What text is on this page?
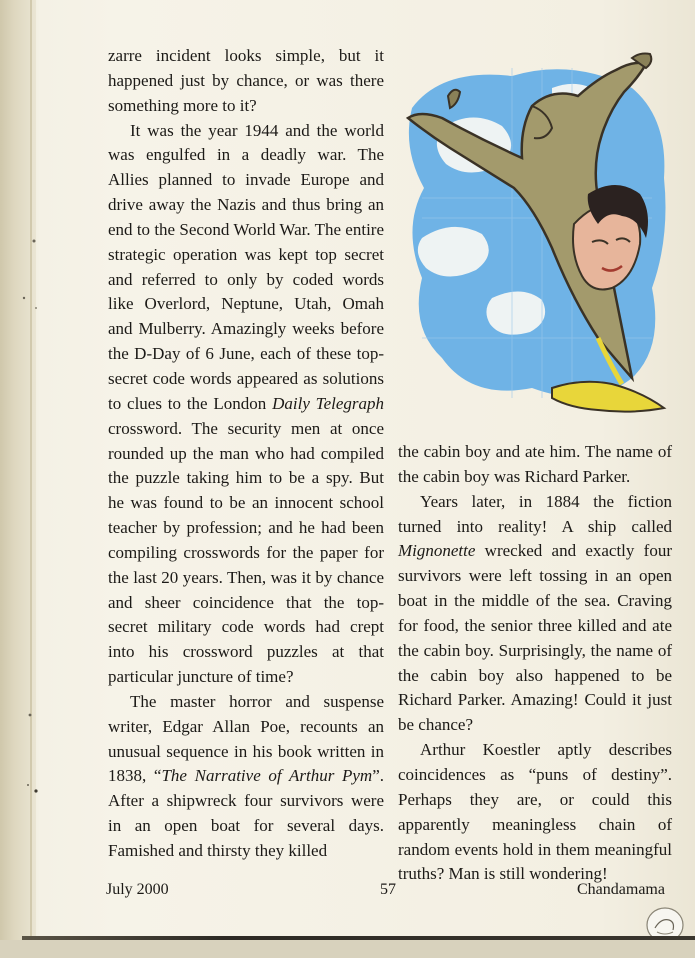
zarre incident looks simple, but it happened just by chance, or was there something more to it?

It was the year 1944 and the world was engulfed in a deadly war. The Allies planned to invade Europe and drive away the Nazis and thus bring an end to the Second World War. The entire strategic operation was kept top secret and referred to only by coded words like Overlord, Neptune, Utah, Omah and Mulberry. Amazingly weeks before the D-Day of 6 June, each of these top-secret code words appeared as solutions to clues to the London Daily Telegraph crossword. The security men at once rounded up the man who had compiled the puzzle taking him to be a spy. But he was found to be an innocent school teacher by profession; and he had been compiling crosswords for the paper for the last 20 years. Then, was it by chance and sheer coincidence that the top-secret military code words had crept into his crossword puzzles at that particular juncture of time?

The master horror and suspense writer, Edgar Allan Poe, recounts an unusual sequence in his book written in 1838, “The Narrative of Arthur Pym”. After a shipwreck four survivors were in an open boat for several days. Famished and thirsty they killed

the cabin boy and ate him. The name of the cabin boy was Richard Parker.

Years later, in 1884 the fiction turned into reality! A ship called Mignonette wrecked and exactly four survivors were left tossing in an open boat in the middle of the sea. Craving for food, the senior three killed and ate the cabin boy. Surprisingly, the name of the cabin boy also happened to be Richard Parker. Amazing! Could it just be chance?

Arthur Koestler aptly describes coincidences as “puns of destiny”. Perhaps they are, or could this apparently meaningless chain of random events hold in them meaningful truths? Man is still wondering!

July 2000	57	Chandamama
